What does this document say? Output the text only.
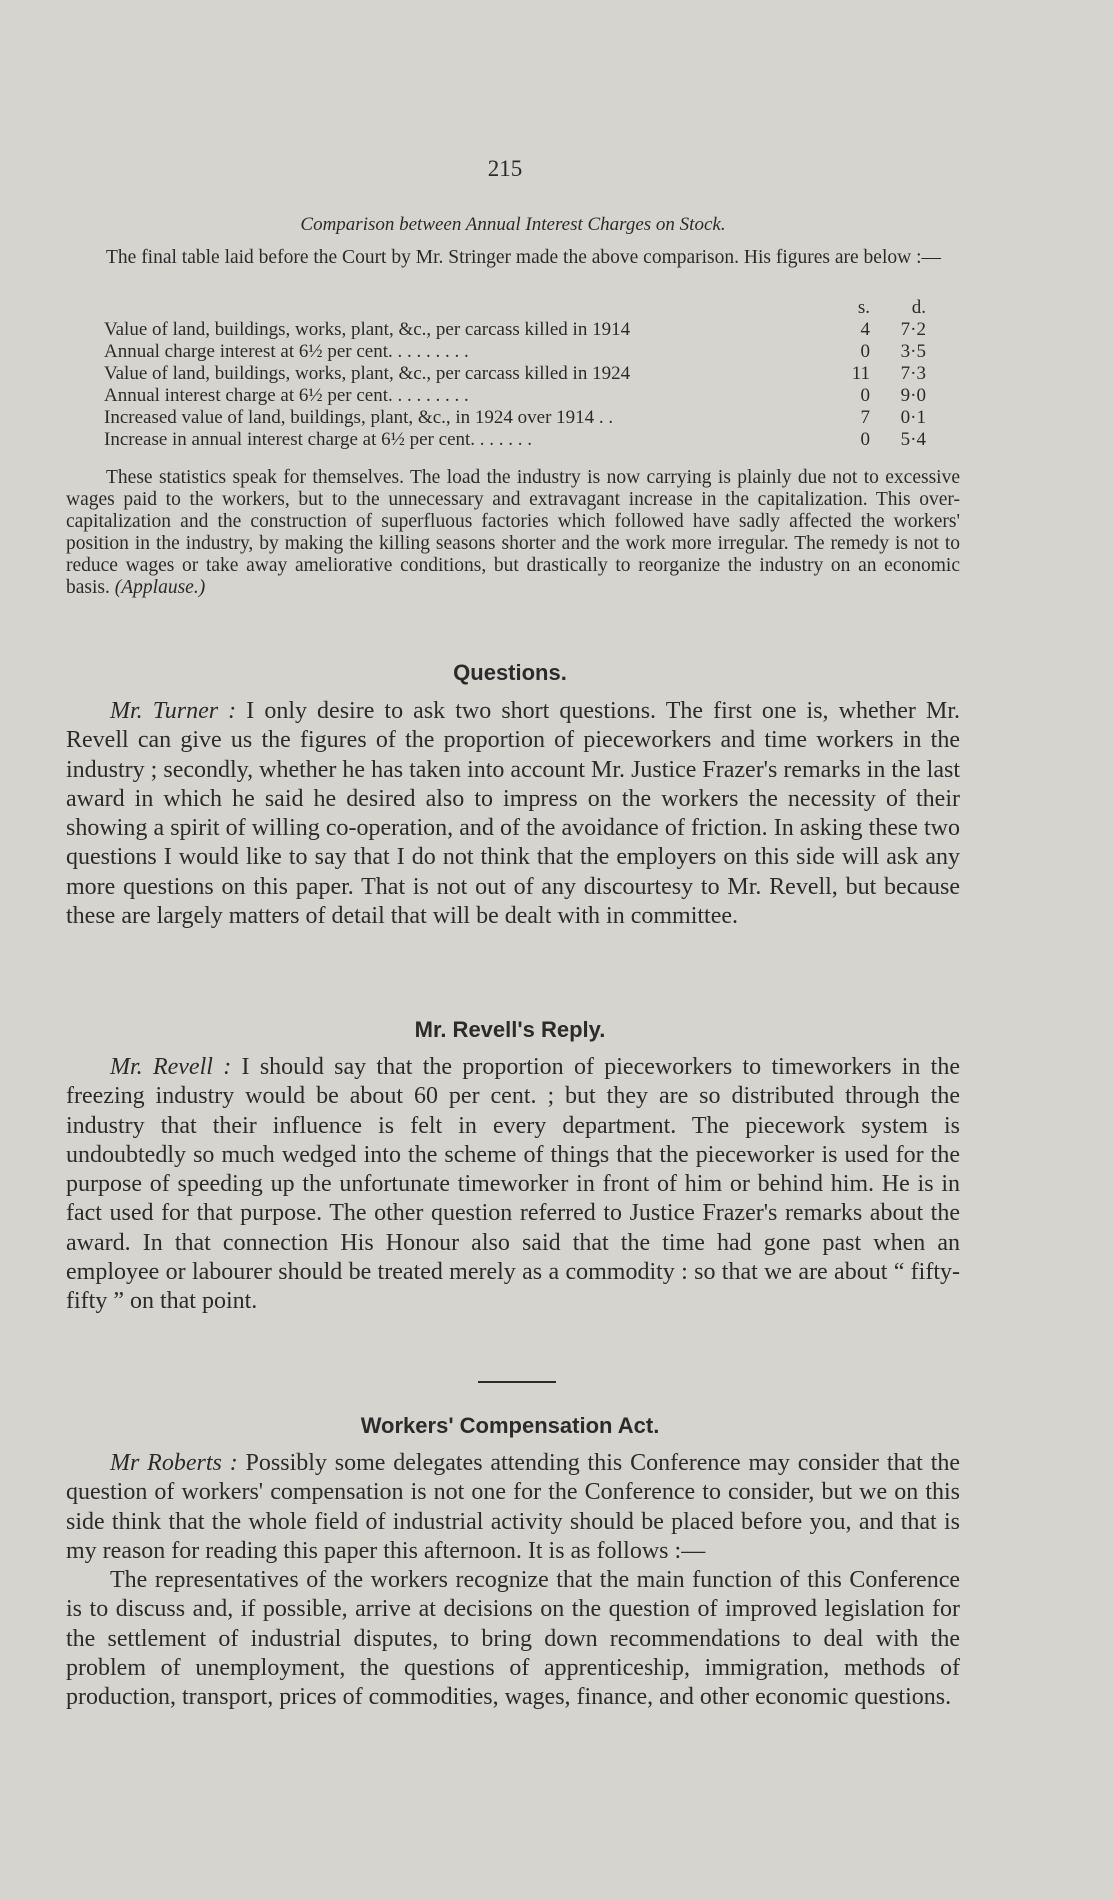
215
Comparison between Annual Interest Charges on Stock.
The final table laid before the Court by Mr. Stringer made the above comparison. His figures are below :—
	s.	d.
Value of land, buildings, works, plant, &c., per carcass killed in 1914	4	7·2
Annual charge interest at 6½ per cent. . . . . . . . .	0	3·5
Value of land, buildings, works, plant, &c., per carcass killed in 1924	11	7·3
Annual interest charge at 6½ per cent. . . . . . . . .	0	9·0
Increased value of land, buildings, plant, &c., in 1924 over 1914 . .	7	0·1
Increase in annual interest charge at 6½ per cent. . . . . . .	0	5·4
These statistics speak for themselves. The load the industry is now carrying is plainly due not to excessive wages paid to the workers, but to the unnecessary and extravagant increase in the capitalization. This over-capitalization and the construction of superfluous factories which followed have sadly affected the workers' position in the industry, by making the killing seasons shorter and the work more irregular. The remedy is not to reduce wages or take away ameliorative conditions, but drastically to reorganize the industry on an economic basis. (Applause.)
Questions.

Mr. Turner : I only desire to ask two short questions. The first one is, whether Mr. Revell can give us the figures of the proportion of pieceworkers and time workers in the industry ; secondly, whether he has taken into account Mr. Justice Frazer's remarks in the last award in which he said he desired also to impress on the workers the necessity of their showing a spirit of willing co-operation, and of the avoidance of friction. In asking these two questions I would like to say that I do not think that the employers on this side will ask any more questions on this paper. That is not out of any discourtesy to Mr. Revell, but because these are largely matters of detail that will be dealt with in committee.

Mr. Revell's Reply.

Mr. Revell : I should say that the proportion of pieceworkers to timeworkers in the freezing industry would be about 60 per cent. ; but they are so distributed through the industry that their influence is felt in every department. The piecework system is undoubtedly so much wedged into the scheme of things that the pieceworker is used for the purpose of speeding up the unfortunate timeworker in front of him or behind him. He is in fact used for that purpose. The other question referred to Justice Frazer's remarks about the award. In that connection His Honour also said that the time had gone past when an employee or labourer should be treated merely as a commodity : so that we are about “ fifty-fifty ” on that point.

Workers' Compensation Act.

Mr Roberts : Possibly some delegates attending this Conference may consider that the question of workers' compensation is not one for the Conference to consider, but we on this side think that the whole field of industrial activity should be placed before you, and that is my reason for reading this paper this afternoon. It is as follows :—

The representatives of the workers recognize that the main function of this Conference is to discuss and, if possible, arrive at decisions on the question of improved legislation for the settlement of industrial disputes, to bring down recommendations to deal with the problem of unemployment, the questions of apprenticeship, immigration, methods of production, transport, prices of commodities, wages, finance, and other economic questions.
